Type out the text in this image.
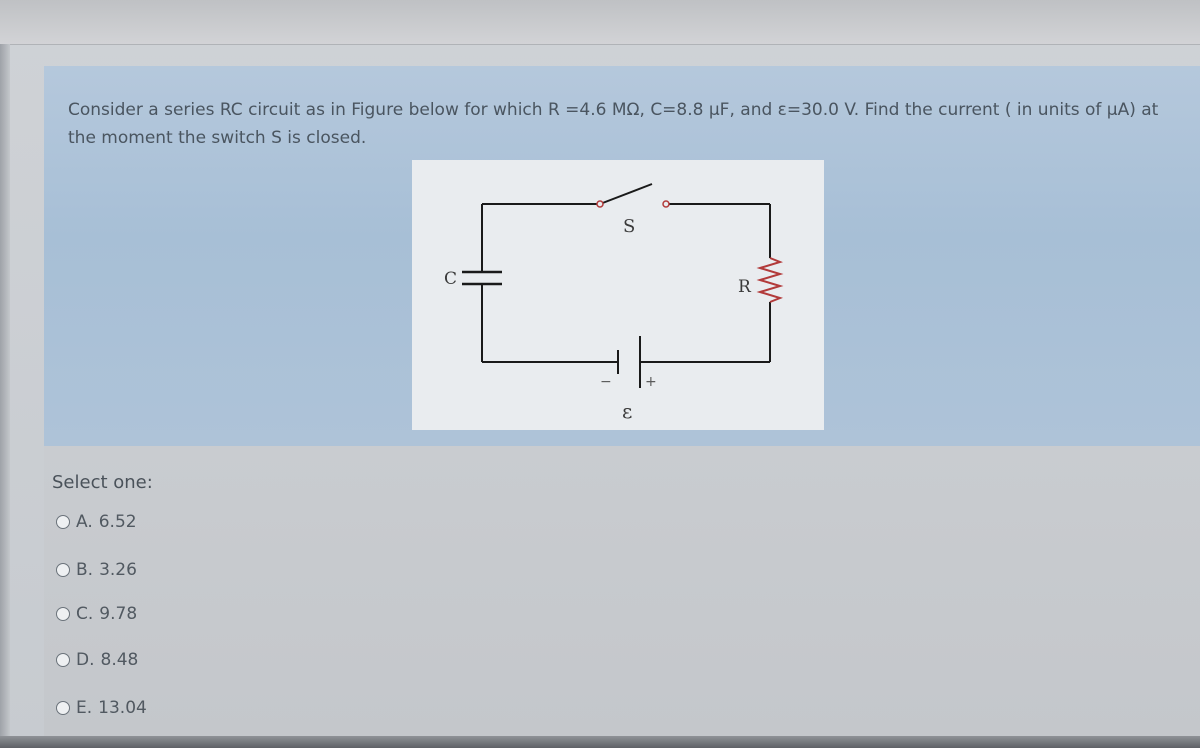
Consider a series RC circuit as in Figure below for which R =4.6 MΩ, C=8.8 μF, and ε=30.0 V. Find the current ( in units of μA) at the moment the switch S is closed.

S
C	R
ε
− +
Select one:
A. 6.52
B. 3.26
C. 9.78
D. 8.48
E. 13.04
